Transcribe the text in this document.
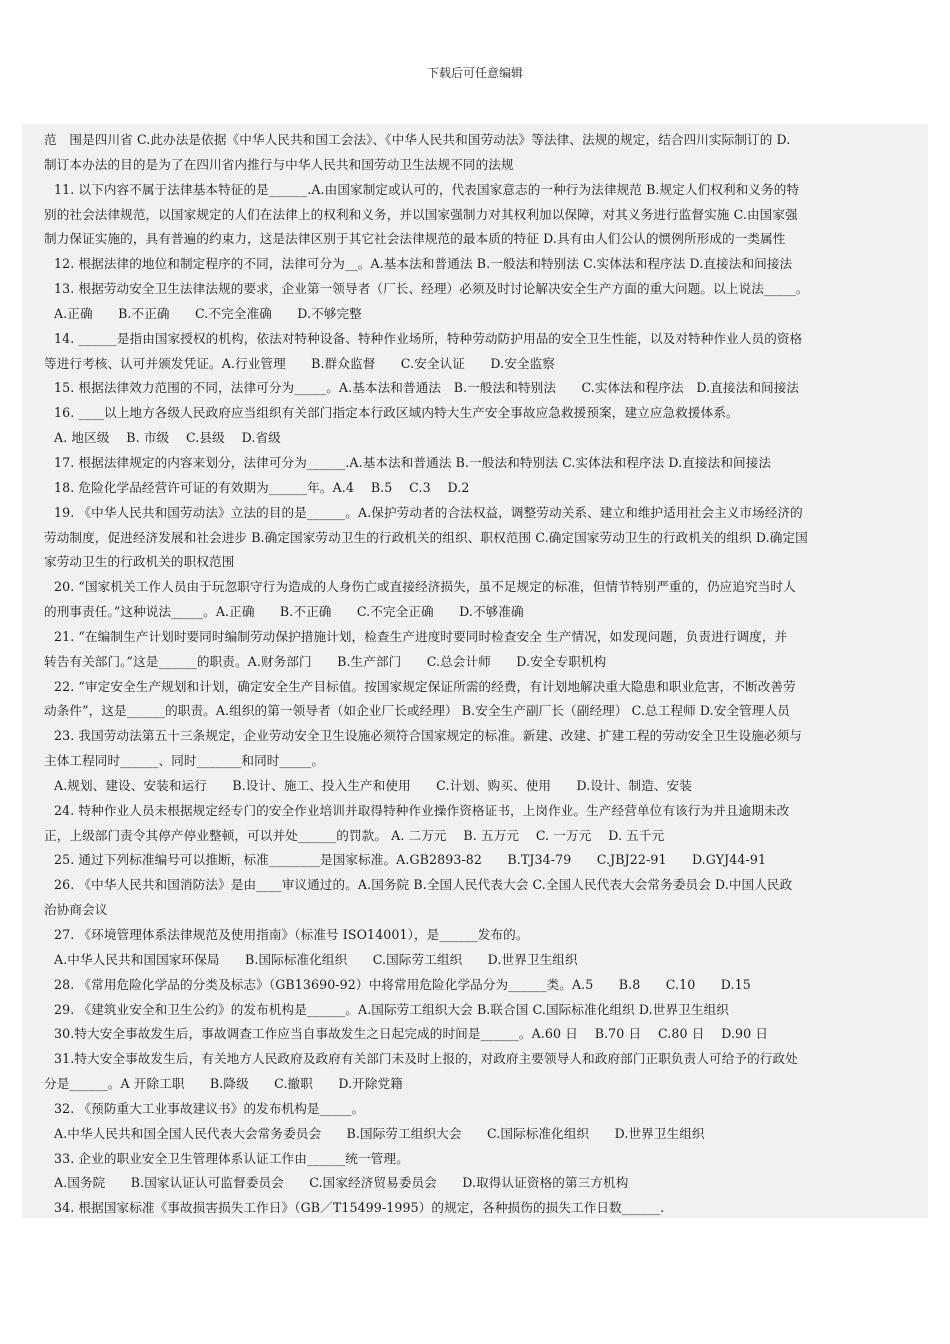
下载后可任意编辑
范　围是四川省 C.此办法是依据《中华人民共和国工会法》、《中华人民共和国劳动法》等法律、法规的规定，结合四川实际制订的 D.
制订本办法的目的是为了在四川省内推行与中华人民共和国劳动卫生法规不同的法规
11. 以下内容不属于法律基本特征的是______.A.由国家制定或认可的，代表国家意志的一种行为法律规范 B.规定人们权利和义务的特
别的社会法律规范，以国家规定的人们在法律上的权利和义务，并以国家强制力对其权利加以保障，对其义务进行监督实施 C.由国家强
制力保证实施的，具有普遍的约束力，这是法律区别于其它社会法律规范的最本质的特征 D.具有由人们公认的惯例所形成的一类属性
12. 根据法律的地位和制定程序的不同，法律可分为__。A.基本法和普通法 B.一般法和特别法 C.实体法和程序法 D.直接法和间接法
13. 根据劳动安全卫生法律法规的要求，企业第一领导者（厂长、经理）必须及时讨论解决安全生产方面的重大问题。以上说法_____。
A.正确　　B.不正确　　C.不完全准确　　D.不够完整
14. ______是指由国家授权的机构，依法对特种设备、特种作业场所，特种劳动防护用品的安全卫生性能，以及对特种作业人员的资格
等进行考核、认可并颁发凭证。A.行业管理　　B.群众监督　　C.安全认证　　D.安全监察
15. 根据法律效力范围的不同，法律可分为_____。A.基本法和普通法　B.一般法和特别法　　C.实体法和程序法　D.直接法和间接法
16. ____以上地方各级人民政府应当组织有关部门指定本行政区域内特大生产安全事故应急救援预案，建立应急救援体系。
A. 地区级　 B. 市级　 C.县级　 D.省级
17. 根据法律规定的内容来划分，法律可分为______.A.基本法和普通法 B.一般法和特别法 C.实体法和程序法 D.直接法和间接法
18. 危险化学品经营许可证的有效期为______年。A.4　 B.5　 C.3　 D.2
19. 《中华人民共和国劳动法》立法的目的是______。A.保护劳动者的合法权益，调整劳动关系、建立和维护适用社会主义市场经济的
劳动制度，促进经济发展和社会进步 B.确定国家劳动卫生的行政机关的组织、职权范围 C.确定国家劳动卫生的行政机关的组织 D.确定国
家劳动卫生的行政机关的职权范围
20. “国家机关工作人员由于玩忽职守行为造成的人身伤亡或直接经济损失，虽不足规定的标准，但情节特别严重的，仍应追究当时人
的刑事责任。”这种说法_____。A.正确　　B.不正确　　C.不完全正确　　D.不够准确
21. “在编制生产计划时要同时编制劳动保护措施计划，检查生产进度时要同时检查安全 生产情况，如发现问题，负责进行调度，并
转告有关部门。”这是______的职责。A.财务部门　　B.生产部门　　C.总会计师　　D.安全专职机构
22. “审定安全生产规划和计划，确定安全生产目标值。按国家规定保证所需的经费，有计划地解决重大隐患和职业危害，不断改善劳
动条件”，这是______的职责。A.组织的第一领导者（如企业厂长或经理） B.安全生产副厂长（副经理） C.总工程师 D.安全管理人员
23. 我国劳动法第五十三条规定，企业劳动安全卫生设施必须符合国家规定的标准。新建、改建、扩建工程的劳动安全卫生设施必须与
主体工程同时______、同时_______和同时_____。
A.规划、建设、安装和运行　　B.设计、施工、投入生产和使用　　C.计划、购买、使用　　D.设计、制造、安装
24. 特种作业人员未根据规定经专门的安全作业培训并取得特种作业操作资格证书，上岗作业。生产经营单位有该行为并且逾期未改
正，上级部门责令其停产停业整顿，可以并处______的罚款。 A. 二万元　 B. 五万元　 C. 一万元　 D. 五千元
25. 通过下列标准编号可以推断，标准________是国家标准。A.GB2893-82　　B.TJ34-79　　C.JBJ22-91　　D.GYJ44-91
26. 《中华人民共和国消防法》是由____审议通过的。A.国务院 B.全国人民代表大会 C.全国人民代表大会常务委员会 D.中国人民政
治协商会议
27. 《环境管理体系法律规范及使用指南》（标准号 ISO14001），是______发布的。
A.中华人民共和国国家环保局　　B.国际标准化组织　　C.国际劳工组织　　D.世界卫生组织
28. 《常用危险化学品的分类及标志》（GB13690-92）中将常用危险化学品分为______类。A.5　　B.8　　C.10　　D.15
29. 《建筑业安全和卫生公约》的发布机构是______。A.国际劳工组织大会 B.联合国 C.国际标准化组织 D.世界卫生组织
30.特大安全事故发生后，事故调查工作应当自事故发生之日起完成的时间是______。A.60 日　 B.70 日　 C.80 日　 D.90 日
31.特大安全事故发生后，有关地方人民政府及政府有关部门未及时上报的，对政府主要领导人和政府部门正职负责人可给予的行政处
分是______。A 开除工职　　B.降级　　C.撤职　　D.开除党籍
32. 《预防重大工业事故建议书》的发布机构是_____。
A.中华人民共和国全国人民代表大会常务委员会　　B.国际劳工组织大会　　C.国际标准化组织　　D.世界卫生组织
33. 企业的职业安全卫生管理体系认证工作由______统一管理。
A.国务院　　B.国家认证认可监督委员会　　C.国家经济贸易委员会　　D.取得认证资格的第三方机构
34. 根据国家标准《事故损害损失工作日》（GB／T15499-1995）的规定，各种损伤的损失工作日数______.
